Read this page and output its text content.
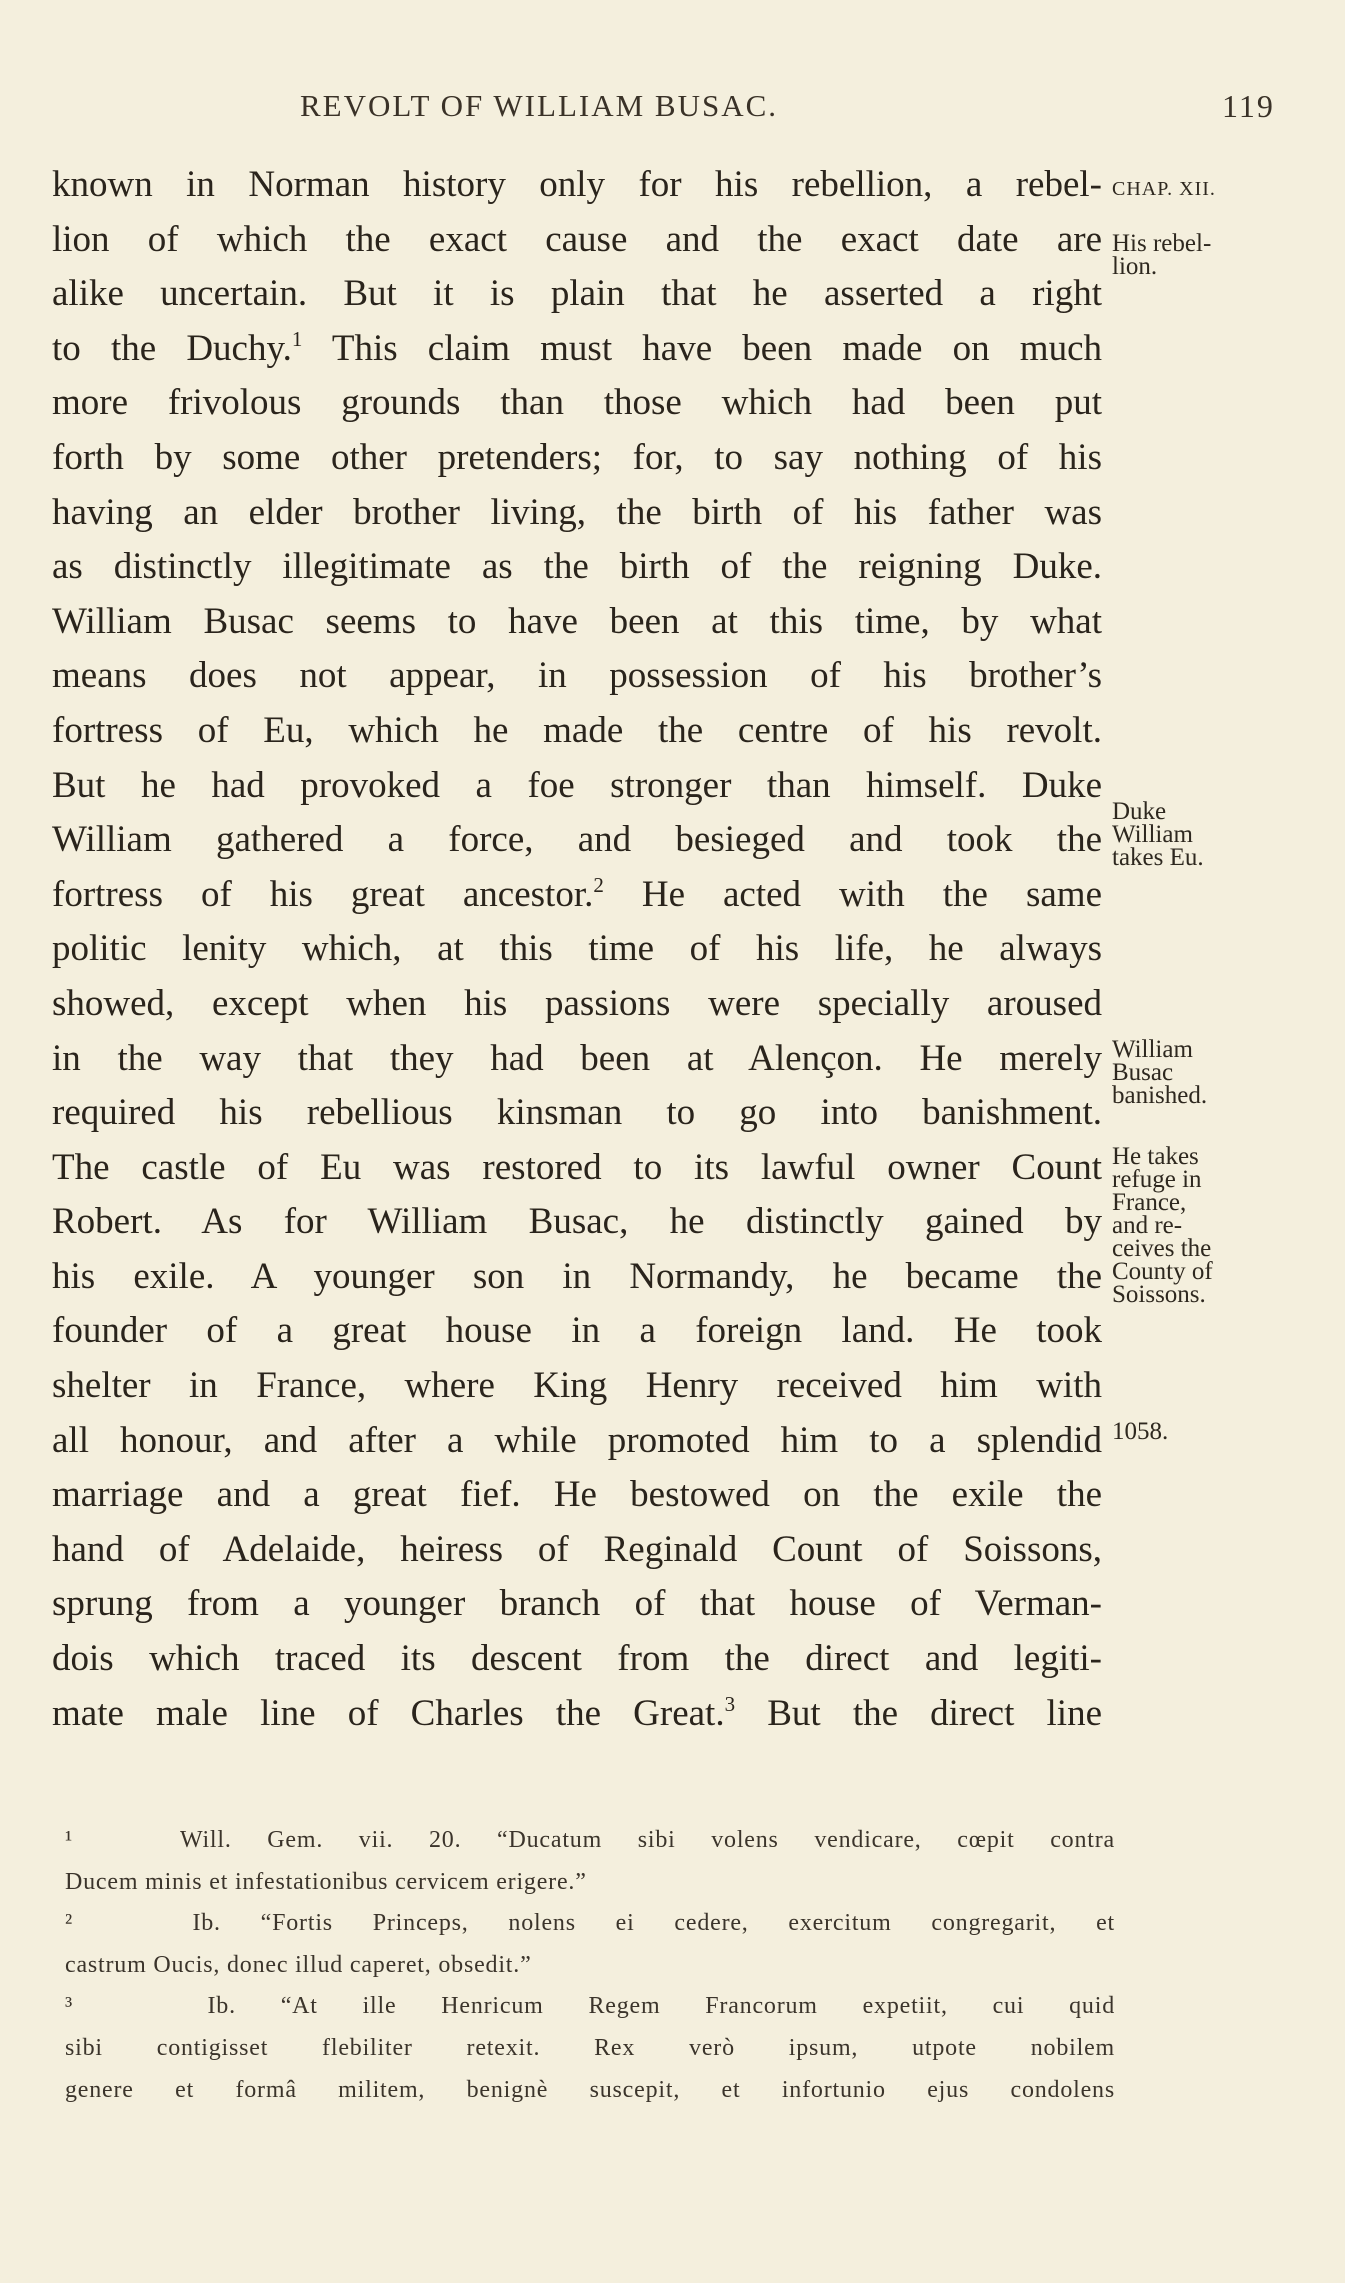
REVOLT OF WILLIAM BUSAC.	119
known in Norman history only for his rebellion, a rebel-
lion of which the exact cause and the exact date are
alike uncertain. But it is plain that he asserted a right
to the Duchy.$^1$ This claim must have been made on much
more frivolous grounds than those which had been put
forth by some other pretenders; for, to say nothing of his
having an elder brother living, the birth of his father was
as distinctly illegitimate as the birth of the reigning Duke.
William Busac seems to have been at this time, by what
means does not appear, in possession of his brother’s
fortress of Eu, which he made the centre of his revolt.
But he had provoked a foe stronger than himself. Duke
William gathered a force, and besieged and took the
fortress of his great ancestor.$^2$ He acted with the same
politic lenity which, at this time of his life, he always
showed, except when his passions were specially aroused
in the way that they had been at Alençon. He merely
required his rebellious kinsman to go into banishment.
The castle of Eu was restored to its lawful owner Count
Robert. As for William Busac, he distinctly gained by
his exile. A younger son in Normandy, he became the
founder of a great house in a foreign land. He took
shelter in France, where King Henry received him with
all honour, and after a while promoted him to a splendid
marriage and a great fief. He bestowed on the exile the
hand of Adelaide, heiress of Reginald Count of Soissons,
sprung from a younger branch of that house of Verman-
dois which traced its descent from the direct and legiti-
mate male line of Charles the Great.$^3$ But the direct line
CHAP. XII.
His rebel-
lion.
Duke
William
takes Eu.
William
Busac
banished.
He takes
refuge in
France,
and re-
ceives the
County of
Soissons.
1058.
¹	Will. Gem. vii. 20. “Ducatum sibi volens vendicare, cœpit contra
Ducem minis et infestationibus cervicem erigere.”
²	Ib. “Fortis Princeps, nolens ei cedere, exercitum congregarit, et
castrum Oucis, donec illud caperet, obsedit.”
³	Ib. “At ille Henricum Regem Francorum expetiit, cui quid
sibi contigisset flebiliter retexit. Rex verò ipsum, utpote nobilem
genere et formâ militem, benignè suscepit, et infortunio ejus condolens
